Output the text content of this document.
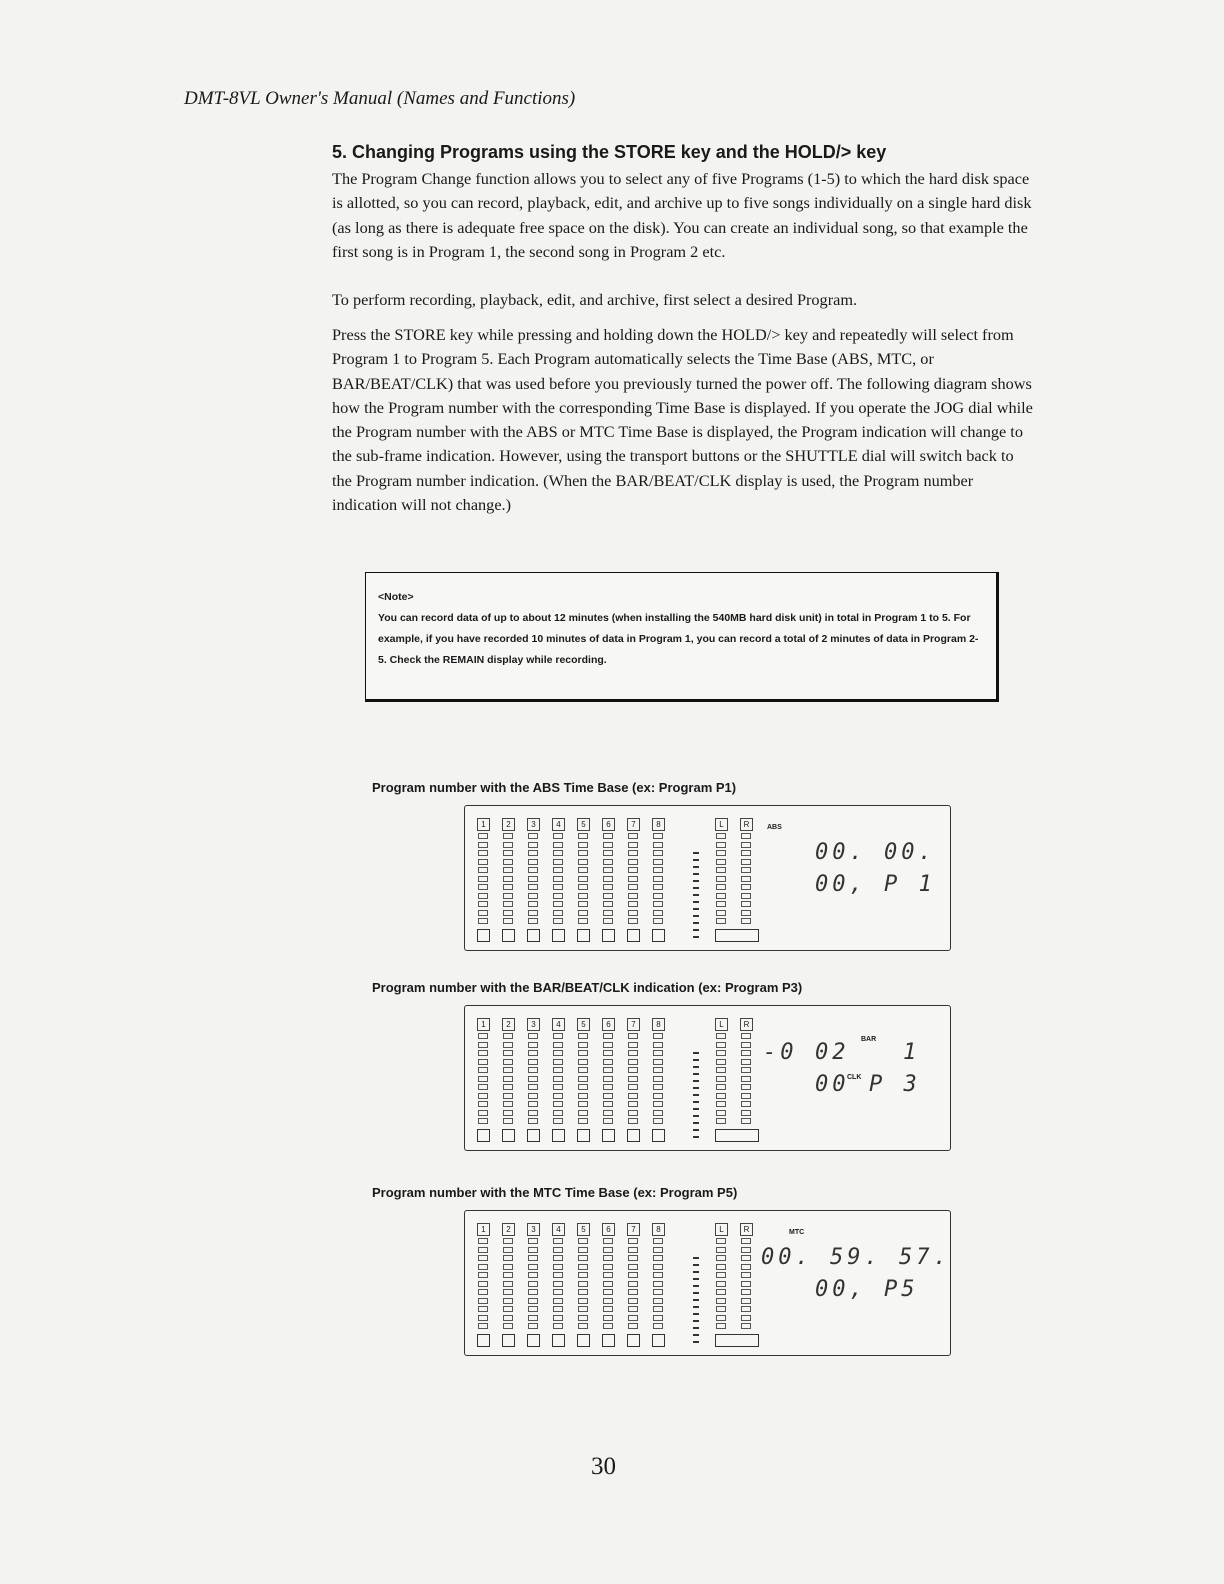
DMT-8VL Owner's Manual (Names and Functions)
5. Changing Programs using the STORE key and the HOLD/> key

The Program Change function allows you to select any of five Programs (1-5) to which the hard disk space is allotted, so you can record, playback, edit, and archive up to five songs individually on a single hard disk (as long as there is adequate free space on the disk). You can create an individual song, so that example the first song is in Program 1, the second song in Program 2 etc.

To perform recording, playback, edit, and archive, first select a desired Program.

Press the STORE key while pressing and holding down the HOLD/> key and repeatedly will select from Program 1 to Program 5. Each Program automatically selects the Time Base (ABS, MTC, or BAR/BEAT/CLK) that was used before you previously turned the power off. The following diagram shows how the Program number with the corresponding Time Base is displayed. If you operate the JOG dial while the Program number with the ABS or MTC Time Base is displayed, the Program indication will change to the sub-frame indication. However, using the transport buttons or the SHUTTLE dial will switch back to the Program number indication. (When the BAR/BEAT/CLK display is used, the Program number indication will not change.)

<Note>
You can record data of up to about 12 minutes (when installing the 540MB hard disk unit) in total in Program 1 to 5. For example, if you have recorded 10 minutes of data in Program 1, you can record a total of 2 minutes of data in Program 2-5. Check the REMAIN display while recording.
Program number with the ABS Time Base (ex: Program P1)
1	2	3	4	5	6	7	8	L	R	ABS
00. 00.
00, P 1
Program number with the BAR/BEAT/CLK indication (ex: Program P3)
1	2	3	4	5	6	7	8	L	R
-0 02
BAR
1
00
CLK P 3
Program number with the MTC Time Base (ex: Program P5)
1	2	3	4	5	6	7	8	L	R	MTC
00. 59. 57.
00, P5
30
